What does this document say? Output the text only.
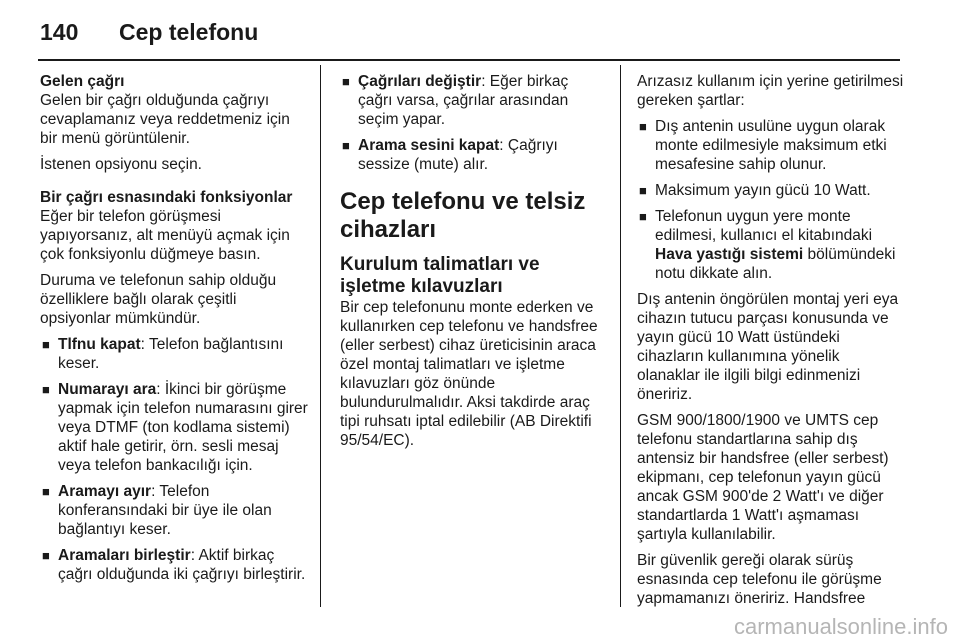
140 Cep telefonu
Gelen çağrı

Gelen bir çağrı olduğunda çağrıyı cevaplamanız veya reddetmeniz için bir menü görüntülenir.

İstenen opsiyonu seçin.

Bir çağrı esnasındaki fonksiyonlar

Eğer bir telefon görüşmesi yapıyorsanız, alt menüyü açmak için çok fonksiyonlu düğmeye basın.

Duruma ve telefonun sahip olduğu özelliklere bağlı olarak çeşitli opsiyonlar mümkündür.

■ Tlfnu kapat: Telefon bağlantısını keser.
■ Numarayı ara: İkinci bir görüşme yapmak için telefon numarasını girer veya DTMF (ton kodlama sistemi) aktif hale getirir, örn. sesli mesaj veya telefon bankacılığı için.
■ Aramayı ayır: Telefon konferansındaki bir üye ile olan bağlantıyı keser.
■ Aramaları birleştir: Aktif birkaç çağrı olduğunda iki çağrıyı birleştirir.
■ Çağrıları değiştir: Eğer birkaç çağrı varsa, çağrılar arasından seçim yapar.
■ Arama sesini kapat: Çağrıyı sessize (mute) alır.
Cep telefonu ve telsiz cihazları
Kurulum talimatları ve işletme kılavuzları

Bir cep telefonunu monte ederken ve kullanırken cep telefonu ve handsfree (eller serbest) cihaz üreticisinin araca özel montaj talimatları ve işletme kılavuzları göz önünde bulundurulmalıdır. Aksi takdirde araç tipi ruhsatı iptal edilebilir (AB Direktifi 95/54/EC).

Arızasız kullanım için yerine getirilmesi gereken şartlar:

■ Dış antenin usulüne uygun olarak monte edilmesiyle maksimum etki mesafesine sahip olunur.
■ Maksimum yayın gücü 10 Watt.
■ Telefonun uygun yere monte edilmesi, kullanıcı el kitabındaki Hava yastığı sistemi bölümündeki notu dikkate alın.

Dış antenin öngörülen montaj yeri eya cihazın tutucu parçası konusunda ve yayın gücü 10 Watt üstündeki cihazların kullanımına yönelik olanaklar ile ilgili bilgi edinmenizi öneririz.

GSM 900/1800/1900 ve UMTS cep telefonu standartlarına sahip dış antensiz bir handsfree (eller serbest) ekipmanı, cep telefonun yayın gücü ancak GSM 900'de 2 Watt'ı ve diğer standartlarda 1 Watt'ı aşmaması şartıyla kullanılabilir.

Bir güvenlik gereği olarak sürüş esnasında cep telefonu ile görüşme yapmamanızı öneririz. Handsfree

carmanualsonline.info
